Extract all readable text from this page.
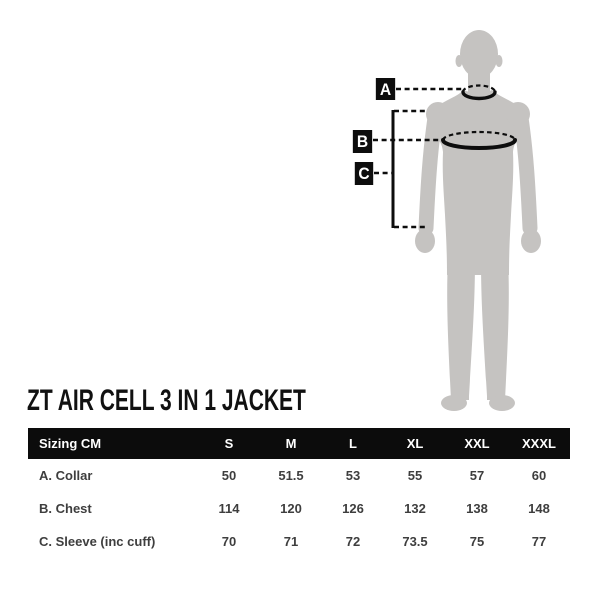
A
B
C
ZT AIR CELL 3 IN 1 JACKET
Sizing CM	S	M	L	XL	XXL	XXXL
A. Collar	50	51.5	53	55	57	60
B. Chest	114	120	126	132	138	148
C. Sleeve (inc cuff)	70	71	72	73.5	75	77
